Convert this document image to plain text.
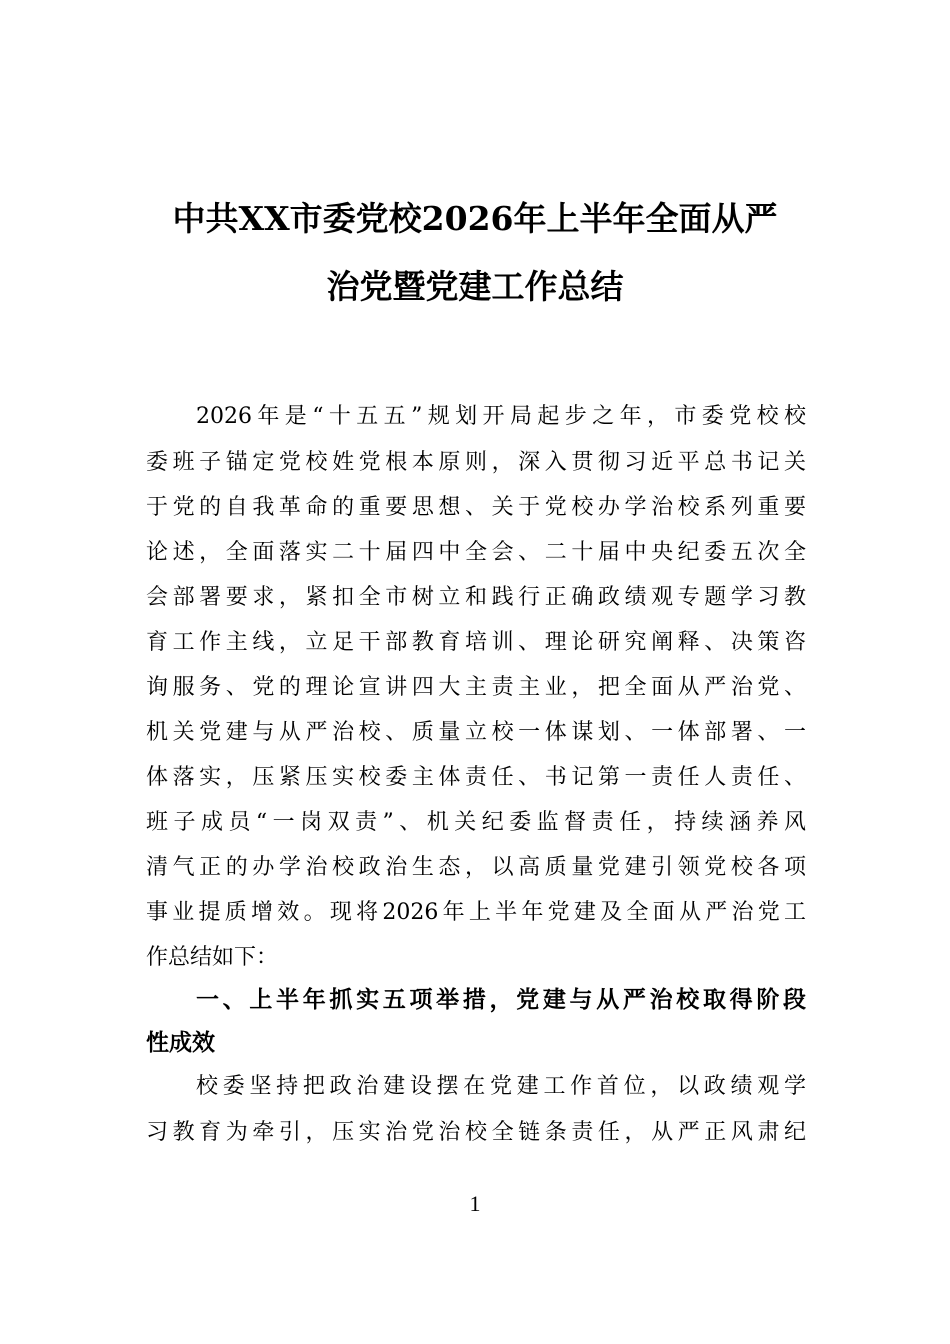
中共XX市委党校2026年上半年全面从严
治党暨党建工作总结
2026年是“十五五”规划开局起步之年，市委党校校
委班子锚定党校姓党根本原则，深入贯彻习近平总书记关
于党的自我革命的重要思想、关于党校办学治校系列重要
论述，全面落实二十届四中全会、二十届中央纪委五次全
会部署要求，紧扣全市树立和践行正确政绩观专题学习教
育工作主线，立足干部教育培训、理论研究阐释、决策咨
询服务、党的理论宣讲四大主责主业，把全面从严治党、
机关党建与从严治校、质量立校一体谋划、一体部署、一
体落实，压紧压实校委主体责任、书记第一责任人责任、
班子成员“一岗双责”、机关纪委监督责任，持续涵养风
清气正的办学治校政治生态，以高质量党建引领党校各项
事业提质增效。现将2026年上半年党建及全面从严治党工
作总结如下：
一、上半年抓实五项举措，党建与从严治校取得阶段
性成效
校委坚持把政治建设摆在党建工作首位，以政绩观学
习教育为牵引，压实治党治校全链条责任，从严正风肃纪
1
